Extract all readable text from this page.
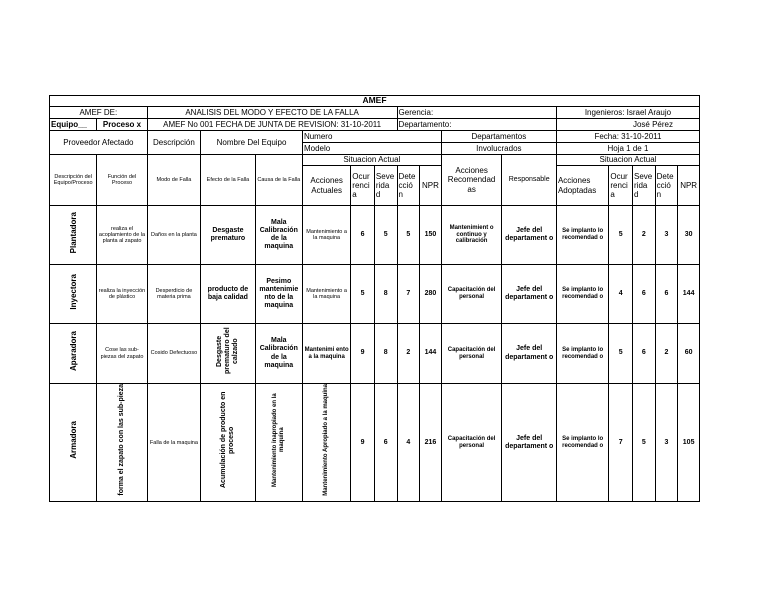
AMEF																
AMEF DE:		ANALISIS DEL MODO Y EFECTO DE LA FALLA						Gerencia:				Ingenieros: Israel Araujo				
Equipo__	Proceso x	AMEF No 001 FECHA DE JUNTA DE REVISION: 31-10-2011						Departamento:				José Pérez				
Proveedor Afectado		Descripción	Nombre Del Equipo		Numero					Departamentos		Fecha: 31-10-2011				
					Modelo					Involucrados		Hoja 1 de 1				
Descripción del Equipo/Proceso	Función del Proceso	Modo de Falla	Efecto de la Falla	Causa de la Falla	Situacion Actual					Acciones Recomendad as	Responsable	Situacion Actual				
					Acciones Actuales	Ocur renci a	Seve rida d	Dete cció n	NPR			Acciones Adoptadas	Ocur renci a	Seve rida d	Dete cció n	NPR
Plantadora	realiza el acoplamiento de la planta al zapato	Daños en la planta	Desgaste prematuro	Mala Calibración de la maquina	Mantenimiento a la maquina	6	5	5	150	Mantenimient o continuo y calibración	Jefe del departament o	Se implanto lo recomendad o	5	2	3	30
Inyectora	realiza la inyección de plástico	Desperdicio de materia prima	producto de baja calidad	Pesimo mantenimie nto de la maquina	Mantenimiento a la maquina	5	8	7	280	Capacitación del personal	Jefe del departament o	Se implanto lo recomendad o	4	6	6	144
Aparadora	Cose las sub-piezas del zapato	Cosido Defectuoso	Desgaste prematuro del calzado	Mala Calibración de la maquina	Mantenimi ento a la maquina	9	8	2	144	Capacitación del personal	Jefe del departament o	Se implanto lo recomendad o	5	6	2	60
Armadora	forma el zapato con las sub-pieza	Falla de la maquina	Acumulación de producto en proceso	Mantenimiento inapropiado en la maquina	Mantenimiento Apropiado a la maquina	9	6	4	216	Capacitación del personal	Jefe del departament o	Se implanto lo recomendad o	7	5	3	105
